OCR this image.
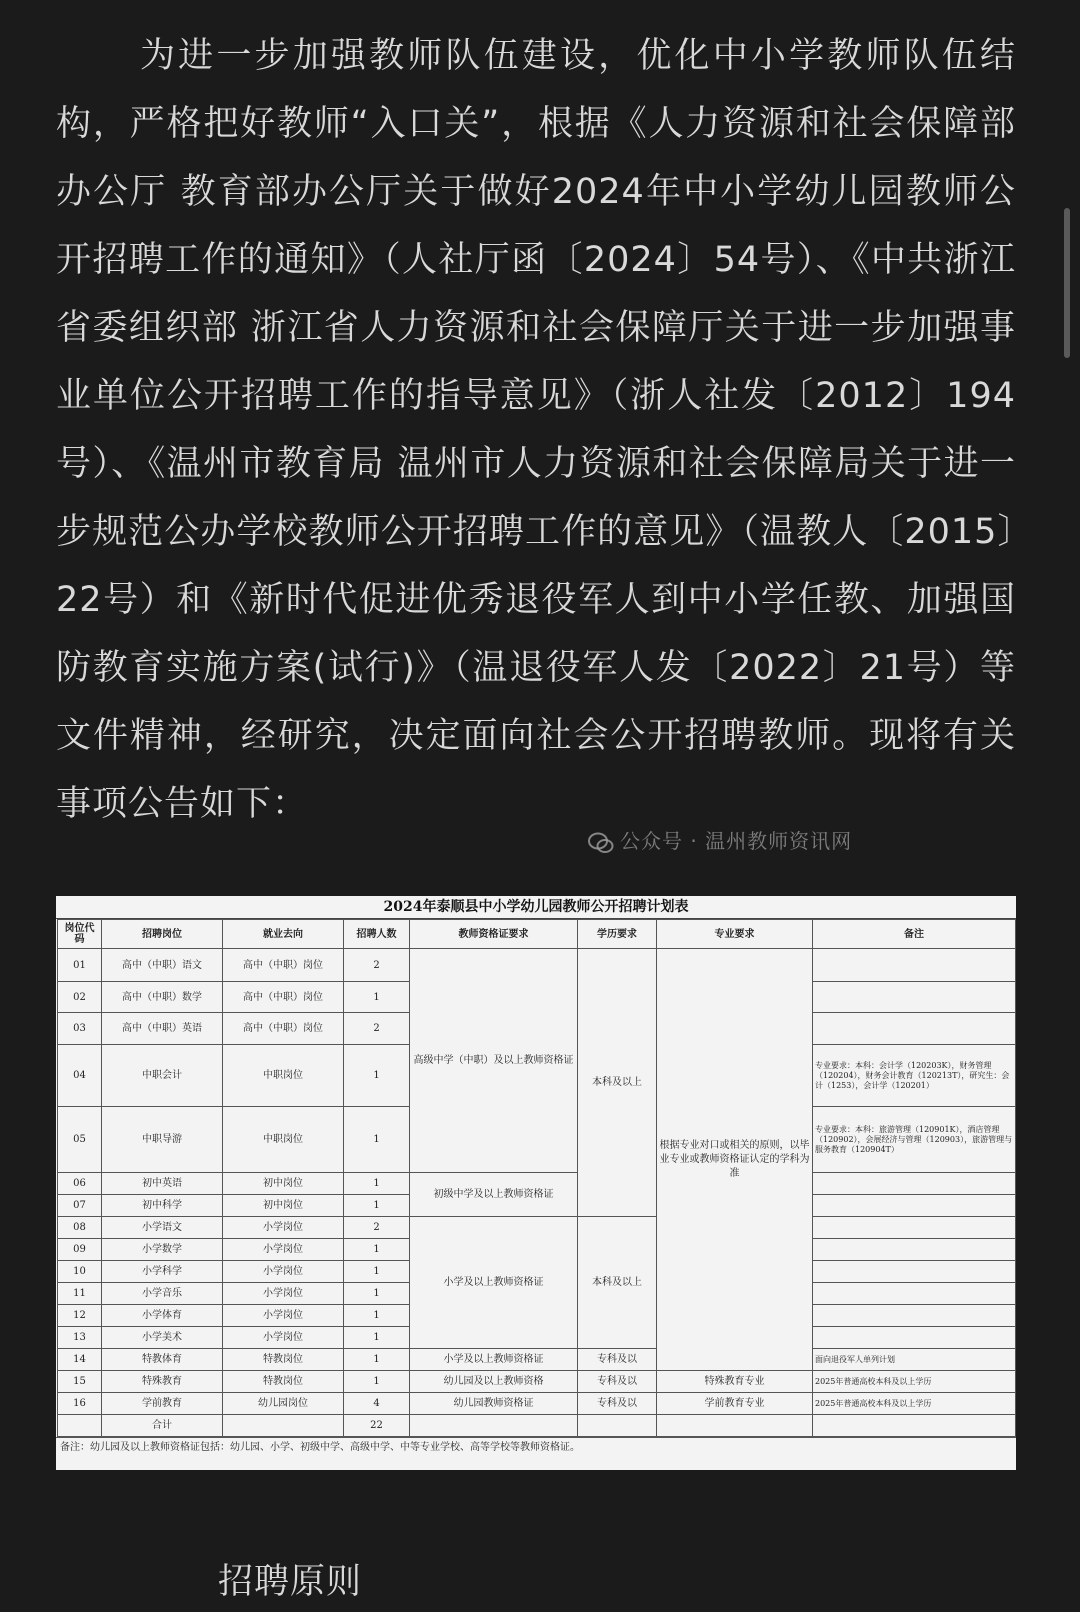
为进一步加强教师队伍建设，优化中小学教师队伍结构，严格把好教师“入口关”，根据《人力资源和社会保障部办公厅 教育部办公厅关于做好2024年中小学幼儿园教师公开招聘工作的通知》（人社厅函〔2024〕54号）、《中共浙江省委组织部 浙江省人力资源和社会保障厅关于进一步加强事业单位公开招聘工作的指导意见》（浙人社发〔2012〕194号）、《温州市教育局 温州市人力资源和社会保障局关于进一步规范公办学校教师公开招聘工作的意见》（温教人〔2015〕22号）和《新时代促进优秀退役军人到中小学任教、加强国防教育实施方案(试行)》（温退役军人发〔2022〕21号）等文件精神，经研究，决定面向社会公开招聘教师。现将有关事项公告如下：

2024年泰顺县中小学幼儿园教师公开招聘计划表
岗位代码	招聘岗位	就业去向	招聘人数	教师资格证要求	学历要求	专业要求	备注
01	高中（中职）语文	高中（中职）岗位	2	高级中学（中职）及以上教师资格证	本科及以上	根据专业对口或相关的原则，以毕业专业或教师资格证认定的学科为准	
02	高中（中职）数学	高中（中职）岗位	1				
03	高中（中职）英语	高中（中职）岗位	2				
04	中职会计	中职岗位	1				专业要求：本科：会计学（120203K），财务管理（120204），财务会计教育（120213T），研究生：会计（1253），会计学（120201）
05	中职导游	中职岗位	1				专业要求：本科：旅游管理（120901K），酒店管理（120902），会展经济与管理（120903），旅游管理与服务教育（120904T）
06	初中英语	初中岗位	1	初级中学及以上教师资格证			
07	初中科学	初中岗位	1				
08	小学语文	小学岗位	2	小学及以上教师资格证	本科及以上		
09	小学数学	小学岗位	1				
10	小学科学	小学岗位	1				
11	小学音乐	小学岗位	1				
12	小学体育	小学岗位	1				
13	小学美术	小学岗位	1				
14	特教体育	特教岗位	1	小学及以上教师资格证	专科及以		面向退役军人单列计划
15	特殊教育	特教岗位	1	幼儿园及以上教师资格	专科及以	特殊教育专业	2025年普通高校本科及以上学历
16	学前教育	幼儿园岗位	4	幼儿园教师资格证	专科及以	学前教育专业	2025年普通高校本科及以上学历
	合计		22				
备注：幼儿园及以上教师资格证包括：幼儿园、小学、初级中学、高级中学、中等专业学校、高等学校等教师资格证。
公众号 · 温州教师资讯网
招聘原则
